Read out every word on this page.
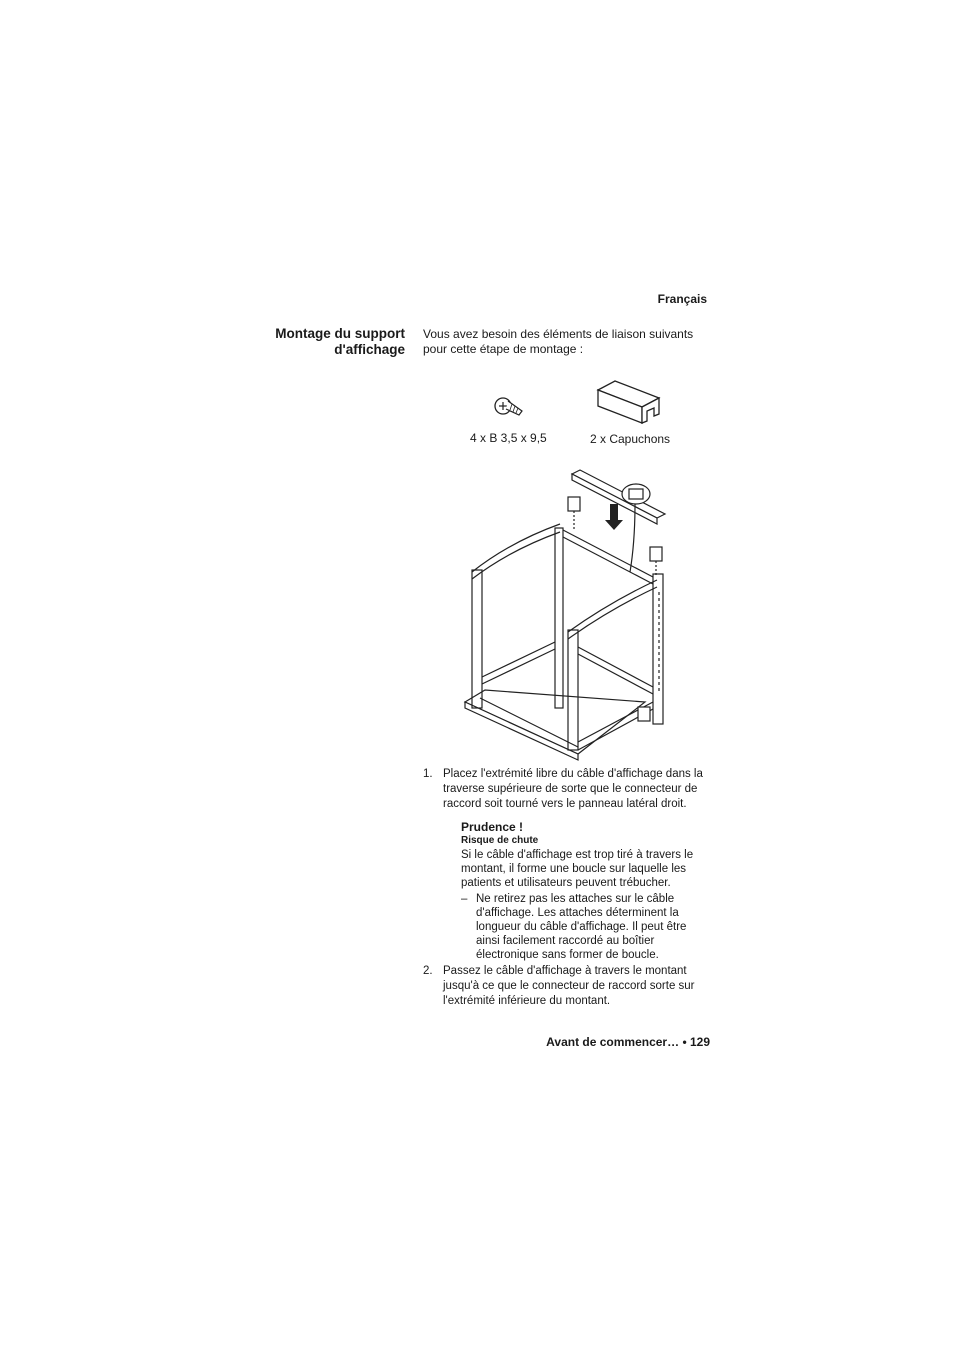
Français
Montage du support
d'affichage
Vous avez besoin des éléments de liaison suivants
pour cette étape de montage :
4 x B 3,5 x 9,5	2 x Capuchons
1. Placez l'extrémité libre du câble d'affichage dans la
traverse supérieure de sorte que le connecteur de
raccord soit tourné vers le panneau latéral droit.
Prudence !
Risque de chute
Si le câble d'affichage est trop tiré à travers le
montant, il forme une boucle sur laquelle les
patients et utilisateurs peuvent trébucher.
– Ne retirez pas les attaches sur le câble
d'affichage. Les attaches déterminent la
longueur du câble d'affichage. Il peut être
ainsi facilement raccordé au boîtier
électronique sans former de boucle.
2. Passez le câble d'affichage à travers le montant
jusqu'à ce que le connecteur de raccord sorte sur
l'extrémité inférieure du montant.
Avant de commencer… • 129
